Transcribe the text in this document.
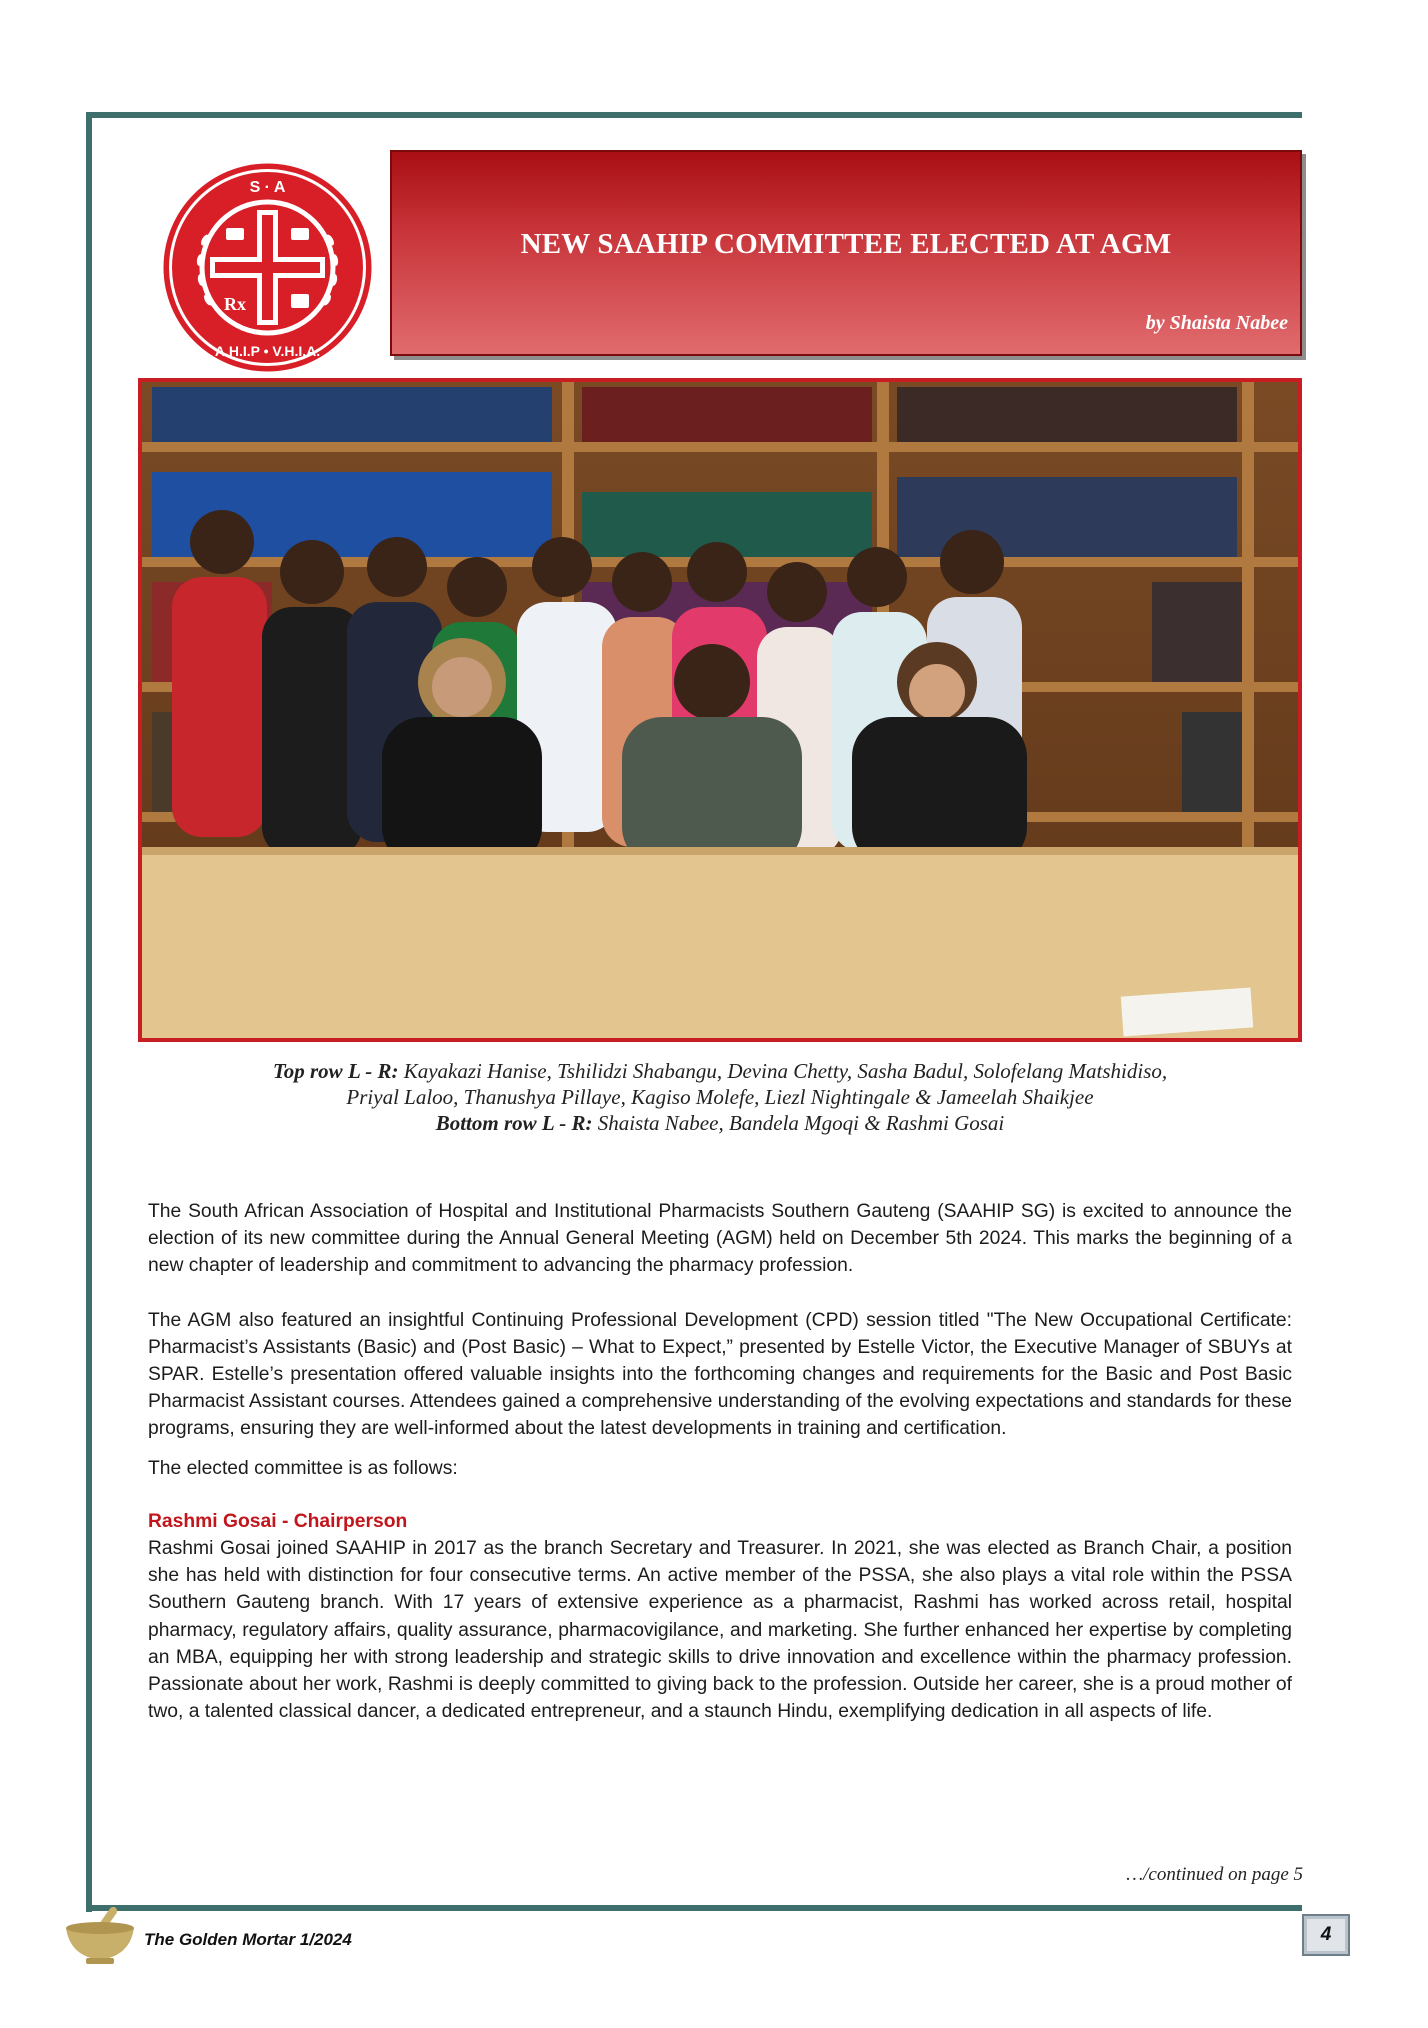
Rx
S · A
A.H.I.P • V.H.I.A.
NEW SAAHIP COMMITTEE ELECTED AT AGM
by Shaista Nabee
Top row L - R: Kayakazi Hanise, Tshilidzi Shabangu, Devina Chetty, Sasha Badul, Solofelang Matshidiso,
Priyal Laloo, Thanushya Pillaye, Kagiso Molefe, Liezl Nightingale & Jameelah Shaikjee
Bottom row L - R: Shaista Nabee, Bandela Mgoqi & Rashmi Gosai

The South African Association of Hospital and Institutional Pharmacists Southern Gauteng (SAAHIP SG) is excited to announce the election of its new committee during the Annual General Meeting (AGM) held on December 5th 2024. This marks the beginning of a new chapter of leadership and commitment to advancing the pharmacy profession.

The AGM also featured an insightful Continuing Professional Development (CPD) session titled "The New Occupational Certificate: Pharmacist’s Assistants (Basic) and (Post Basic) – What to Expect,” presented by Estelle Victor, the Executive Manager of SBUYs at SPAR. Estelle’s presentation offered valuable insights into the forthcoming changes and requirements for the Basic and Post Basic Pharmacist Assistant courses. Attendees gained a comprehensive understanding of the evolving expectations and standards for these programs, ensuring they are well-informed about the latest developments in training and certification.

The elected committee is as follows:

Rashmi Gosai - Chairperson

Rashmi Gosai joined SAAHIP in 2017 as the branch Secretary and Treasurer. In 2021, she was elected as Branch Chair, a position she has held with distinction for four consecutive terms. An active member of the PSSA, she also plays a vital role within the PSSA Southern Gauteng branch. With 17 years of extensive experience as a pharmacist, Rashmi has worked across retail, hospital pharmacy, regulatory affairs, quality assurance, pharmacovigilance, and marketing. She further enhanced her expertise by completing an MBA, equipping her with strong leadership and strategic skills to drive innovation and excellence within the pharmacy profession. Passionate about her work, Rashmi is deeply committed to giving back to the profession. Outside her career, she is a proud mother of two, a talented classical dancer, a dedicated entrepreneur, and a staunch Hindu, exemplifying dedication in all aspects of life.

…/continued on page 5
The Golden Mortar 1/2024	4
